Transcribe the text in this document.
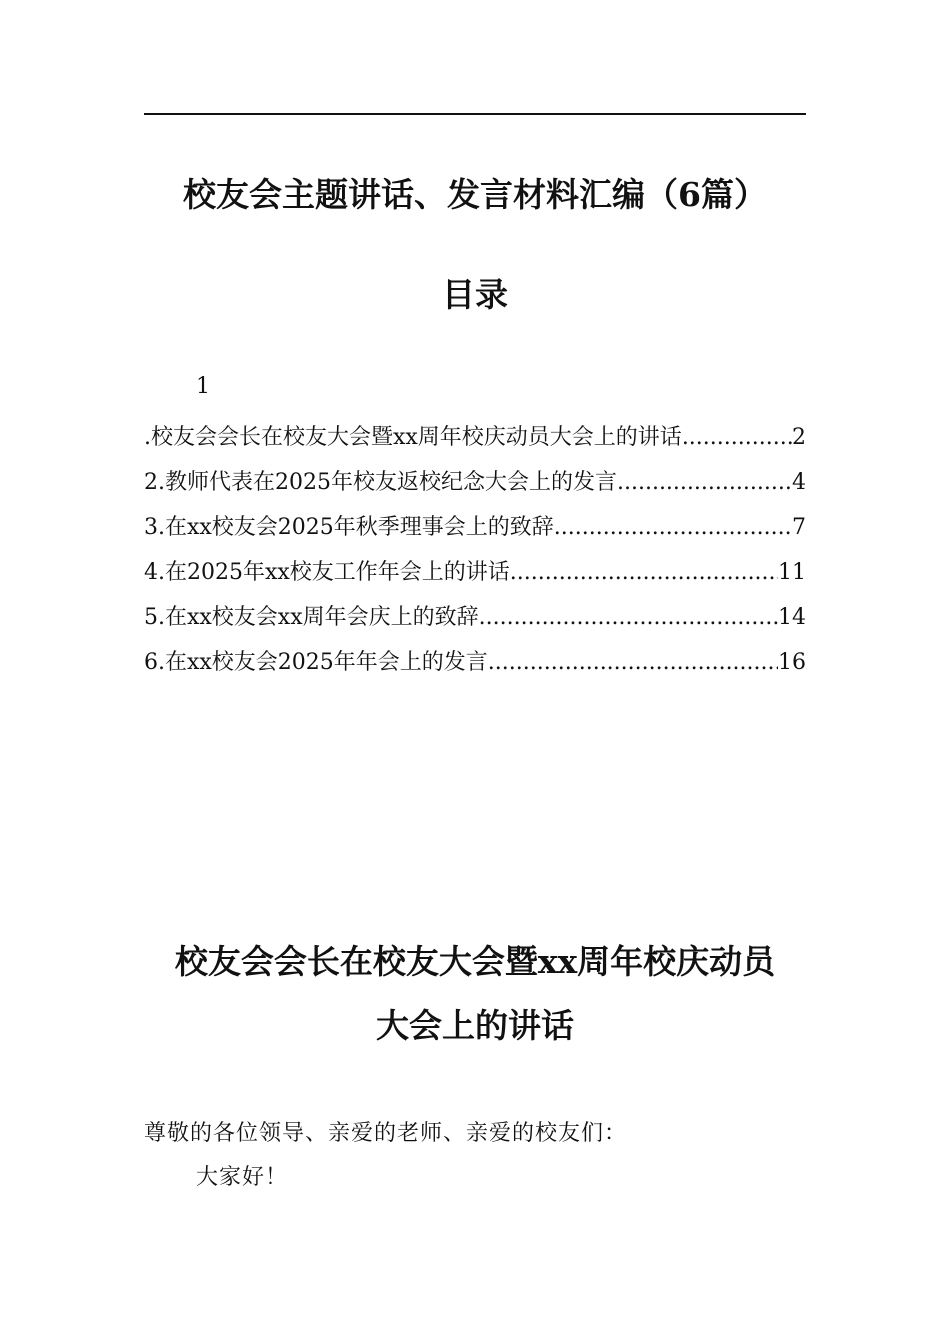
校友会主题讲话、发言材料汇编（6篇）
目录
1
.校友会会长在校友大会暨xx周年校庆动员大会上的讲话 .....	2
2.教师代表在2025年校友返校纪念大会上的发言 .....	4
3.在xx校友会2025年秋季理事会上的致辞 .....	7
4.在2025年xx校友工作年会上的讲话 .....	11
5.在xx校友会xx周年会庆上的致辞 .....	14
6.在xx校友会2025年年会上的发言 .....	16
校友会会长在校友大会暨xx周年校庆动员
大会上的讲话
尊敬的各位领导、亲爱的老师、亲爱的校友们：
大家好！
